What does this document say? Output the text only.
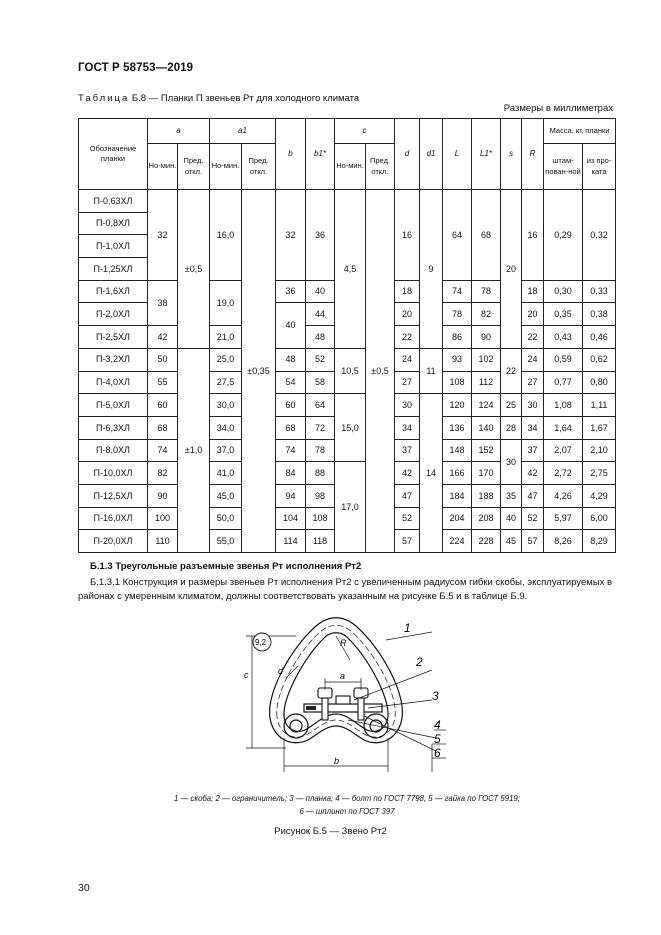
ГОСТ Р 58753—2019
Таблица Б.8 — Планки П звеньев Рт для холодного климата
Размеры в миллиметрах
Обозначение планки	a		a1		b	b1*	c		d	d1	L	L1*	s	R	Масса, кг, планки	
	Но-мин.	Пред. откл.	Но-мин.	Пред. откл.			Но-мин.	Пред. откл.							штам-пован-ной	из про-ката
П-0,63ХЛ	32	±0,5	16,0	±0,35	32	36	4,5	±0,5	16	9	64	68	20	16	0,29	0,32
П-0,8ХЛ																
П-1,0ХЛ																
П-1,25ХЛ																
П-1,6ХЛ	38		19,0		36	40			18		74	78		18	0,30	0,33
П-2,0ХЛ					40	44			20		78	82		20	0,35	0,38
П-2,5ХЛ	42		21,0			48			22		86	90		22	0,43	0,46
П-3,2ХЛ	50	±1,0	25,0		48	52	10,5		24	11	93	102	22	24	0,59	0,62
П-4,0ХЛ	55		27,5		54	58			27		108	112		27	0,77	0,80
П-5,0ХЛ	60		30,0		60	64	15,0		30	14	120	124	25	30	1,08	1,11
П-6,3ХЛ	68		34,0		68	72			34		136	140	28	34	1,64	1,67
П-8,0ХЛ	74		37,0		74	78			37		148	152	30	37	2,07	2,10
П-10,0ХЛ	82		41,0		84	88	17,0		42		166	170		42	2,72	2,75
П-12,5ХЛ	90		45,0		94	98			47		184	188	35	47	4,26	4,29
П-16,0ХЛ	100		50,0		104	108			52		204	208	40	52	5,97	6,00
П-20,0ХЛ	110		55,0		114	118			57		224	228	45	57	8,26	8,29
Б.1.3 Треугольные разъемные звенья Рт исполнения Рт2
Б.1.3.1 Конструкция и размеры звеньев Рт исполнения Рт2 с увеличенным радиусом гибки скобы, эксплуатируемых в районах с умеренным климатом, должны соответствовать указанным на рисунке Б.5 и в таблице Б.9.
c
b
a
9,2	R
d
1
2
3
4
5
6
1 — скоба; 2 — ограничитель; 3 — планка; 4 — болт по ГОСТ 7798, 5 — гайка по ГОСТ 5919;
6 — шплинт по ГОСТ 397
Рисунок Б.5 — Звено Рт2
30
